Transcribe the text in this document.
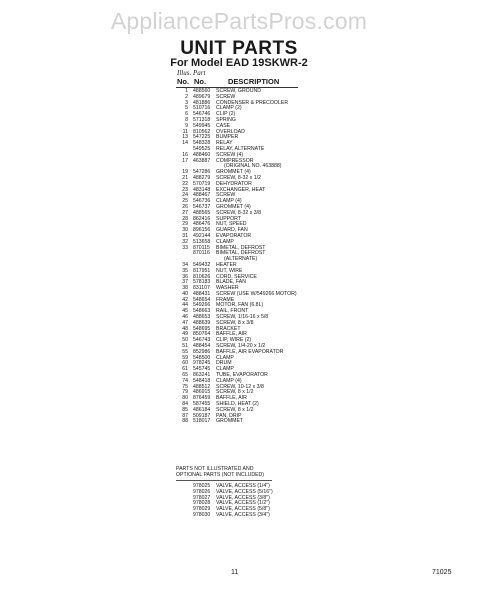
AppliancePartsPros.com
UNIT PARTS
For Model EAD 19SKWR-2
Illus. Part
No. No.	DESCRIPTION
1 488560 SCREW, GROUND
2 489679 SCREW
3 481886 CONDENSER & PRECOOLER
5 510716 CLAMP (2)
6 546746 CLIP (2)
8 571318 SPRING
9 549945 CASE
11 810562 OVERLOAD
13 547225 BUMPER
14 548328 RELAY
549525 RELAY, ALTERNATE
16 488460 SCREW (4)
17 463887 COMPRESSOR
(ORIGINAL NO. 463888)
19 547286 GROMMET (4)
21 488279 SCREW, 8-32 x 1/2
22 570719 DEHYDRATOR
23 483148 EXCHANGER, HEAT
24 488467 SCREW
25 546736 CLAMP (4)
26 546737 GROMMET (4)
27 488565 SCREW, 8-32 x 3/8
28 862416 SUPPORT
29 486476 NUT, SPEED
30 896156 GUARD, FAN
31 492144 EVAPORATOR
32 513658 CLAMP
33 870115 BIMETAL, DEFROST
870116 BIMETAL, DEFROST
(ALTERNATE)
34 549432 HEATER
35 817951 NUT, WIRE
36 810626 CORD, SERVICE
37 578183 BLADE, FAN
38 831107 WASHER
40 488431 SCREW (USE W/549266 MOTOR)
42 548654 FRAME
44 549266 MOTOR, FAN (6.8L)
45 548663 RAIL, FRONT
46 488653 SCREW, 1/16-16 x 5/8
47 488639 SCREW, 8 x 3/8
48 548695 BRACKET
49 850764 BAFFLE, AIR
50 546743 CLIP, WIRE (2)
51 488454 SCREW, 1/4-20 x 1/2
55 852986 BAFFLE, AIR EVAPORATOR
59 548500 CLAMP
60 978245 DRUM
61 545745 CLAMP
65 863241 TUBE, EVAPORATOR
74 548418 CLAMP (4)
75 488512 SCREW, 10-12 x 3/8
79 486915 SCREW, 8 x 1/2
80 876459 BAFFLE, AIR
84 587455 SHIELD, HEAT (2)
85 486184 SCREW, 8 x 1/2
87 509187 PAN, DRIP
88 518017 GROMMET
PARTS NOT ILLUSTRATED AND
OPTIONAL PARTS (NOT INCLUDED)
978025 VALVE, ACCESS (1/4")
978026 VALVE, ACCESS (5/16")
978027 VALVE, ACCESS (3/8")
978028 VALVE, ACCESS (1/2")
978029 VALVE, ACCESS (5/8")
978030 VALVE, ACCESS (3/4")
11	71025
